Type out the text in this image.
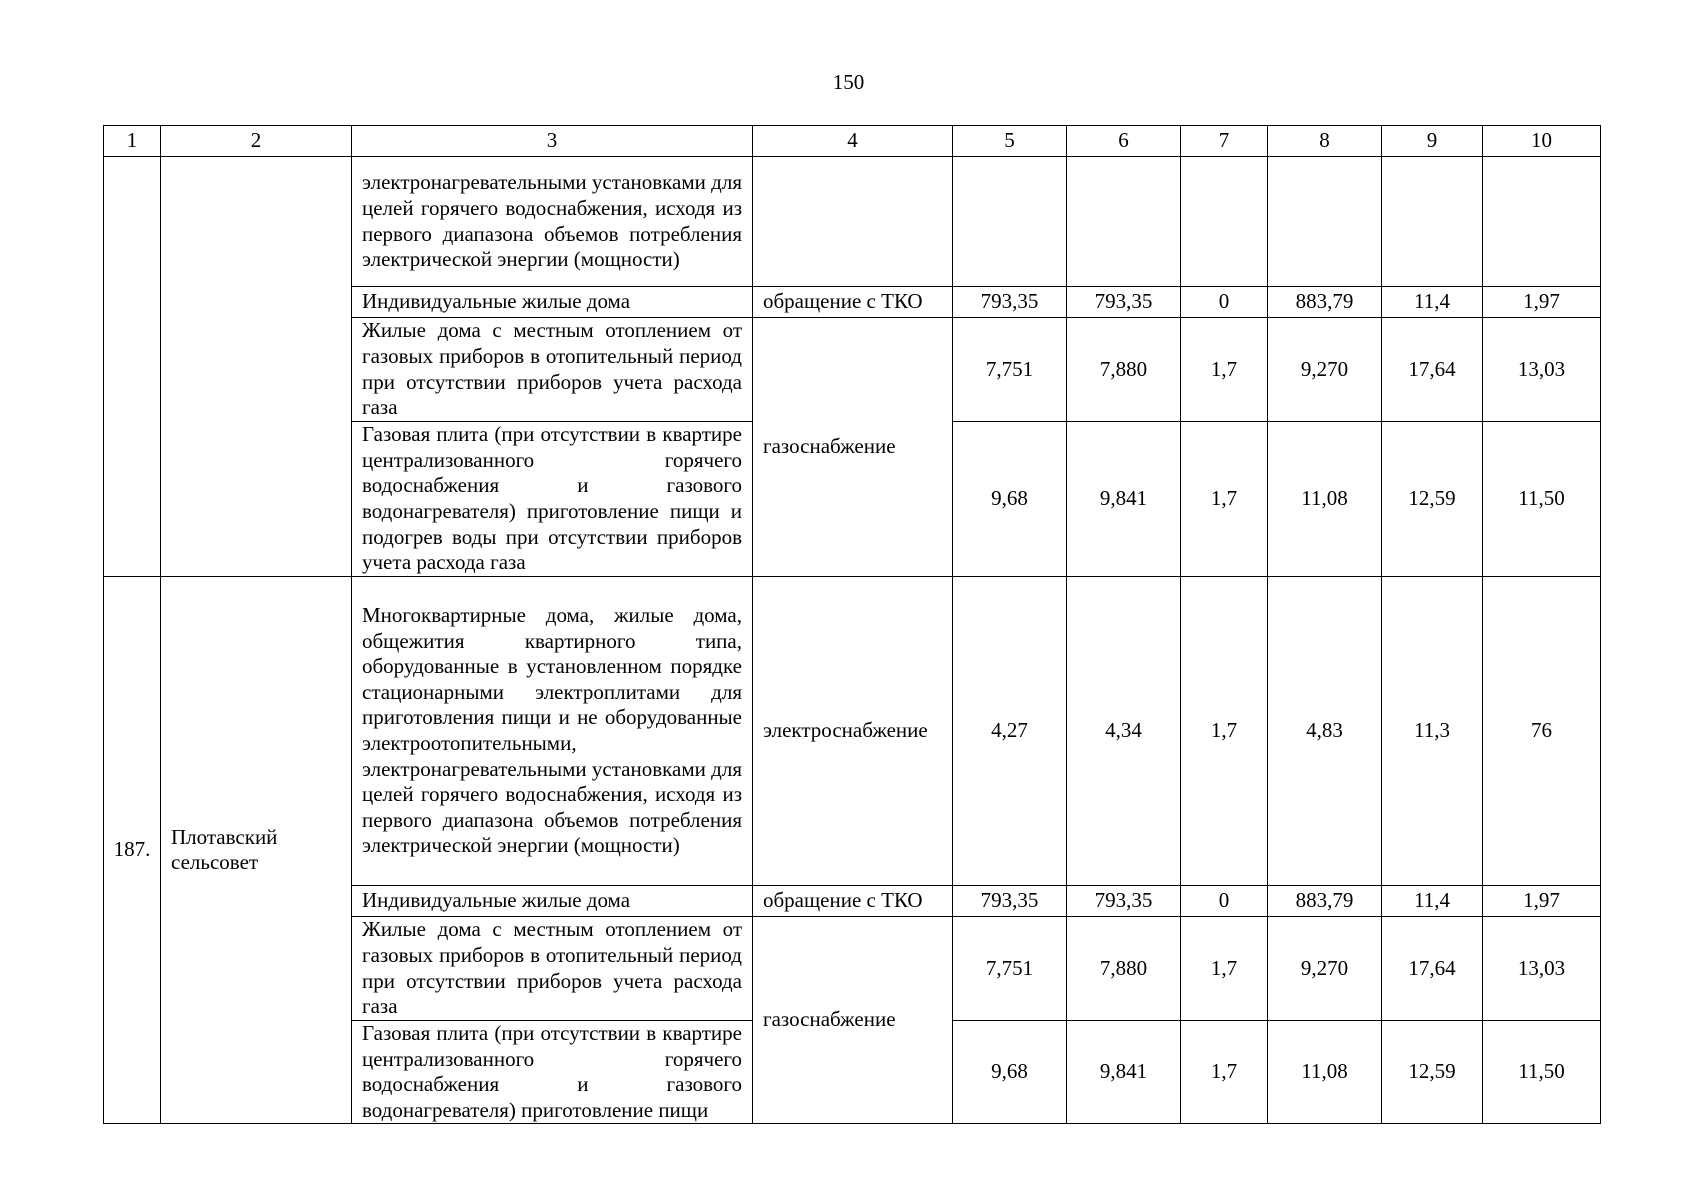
150
1	2	3	4	5	6	7	8	9	10
		электронагревательными установками для целей горячего водоснабжения, исходя из первого диапазона объемов потребления электрической энергии (мощности)							
		Индивидуальные жилые дома	обращение с ТКО	793,35	793,35	0	883,79	11,4	1,97
		Жилые дома с местным отоплением от газовых приборов в отопительный период при отсутствии приборов учета расхода газа	газоснабжение	7,751	7,880	1,7	9,270	17,64	13,03
		Газовая плита (при отсутствии в квартире централизованного горячего водоснабжения и газового водонагревателя) приготовление пищи и подогрев воды при отсутствии приборов учета расхода газа		9,68	9,841	1,7	11,08	12,59	11,50
187.	Плотавский сельсовет	Многоквартирные дома, жилые дома, общежития квартирного типа, оборудованные в установленном порядке стационарными электроплитами для приготовления пищи и не оборудованные электроотопительными, электронагревательными установками для целей горячего водоснабжения, исходя из первого диапазона объемов потребления электрической энергии (мощности)	электроснабжение	4,27	4,34	1,7	4,83	11,3	76
		Индивидуальные жилые дома	обращение с ТКО	793,35	793,35	0	883,79	11,4	1,97
		Жилые дома с местным отоплением от газовых приборов в отопительный период при отсутствии приборов учета расхода газа	газоснабжение	7,751	7,880	1,7	9,270	17,64	13,03
		Газовая плита (при отсутствии в квартире централизованного горячего водоснабжения и газового водонагревателя) приготовление пищи		9,68	9,841	1,7	11,08	12,59	11,50
